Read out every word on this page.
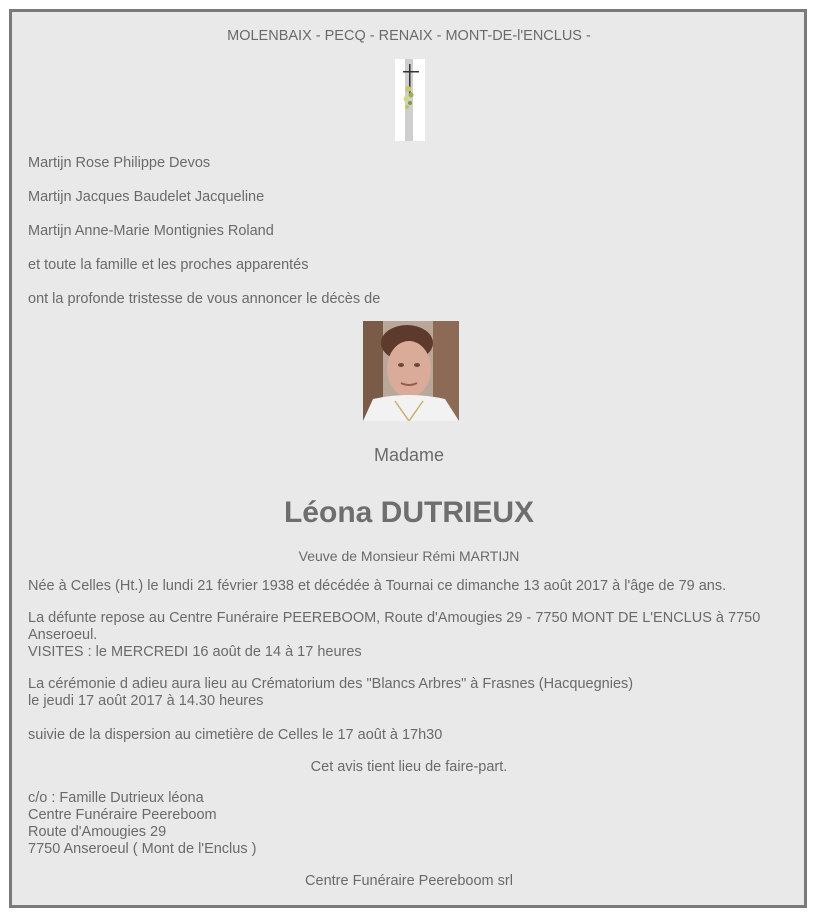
MOLENBAIX - PECQ - RENAIX - MONT-DE-l'ENCLUS -
Martijn Rose Philippe Devos
Martijn Jacques Baudelet Jacqueline
Martijn Anne-Marie Montignies Roland
et toute la famille et les proches apparentés
ont la profonde tristesse de vous annoncer le décès de
Madame
Léona DUTRIEUX
Veuve de Monsieur Rémi MARTIJN
Née à Celles (Ht.) le lundi 21 février 1938 et décédée à Tournai ce dimanche 13 août 2017 à l'âge de 79 ans.
La défunte repose au Centre Funéraire PEEREBOOM, Route d'Amougies 29 - 7750 MONT DE L'ENCLUS à 7750
Anseroeul.
VISITES : le MERCREDI 16 août de 14 à 17 heures
La cérémonie d adieu aura lieu au Crématorium des "Blancs Arbres" à Frasnes (Hacquegnies)
le jeudi 17 août 2017 à 14.30 heures
suivie de la dispersion au cimetière de Celles le 17 août à 17h30
Cet avis tient lieu de faire-part.
c/o : Famille Dutrieux léona
Centre Funéraire Peereboom
Route d'Amougies 29
7750 Anseroeul ( Mont de l'Enclus )
Centre Funéraire Peereboom srl
